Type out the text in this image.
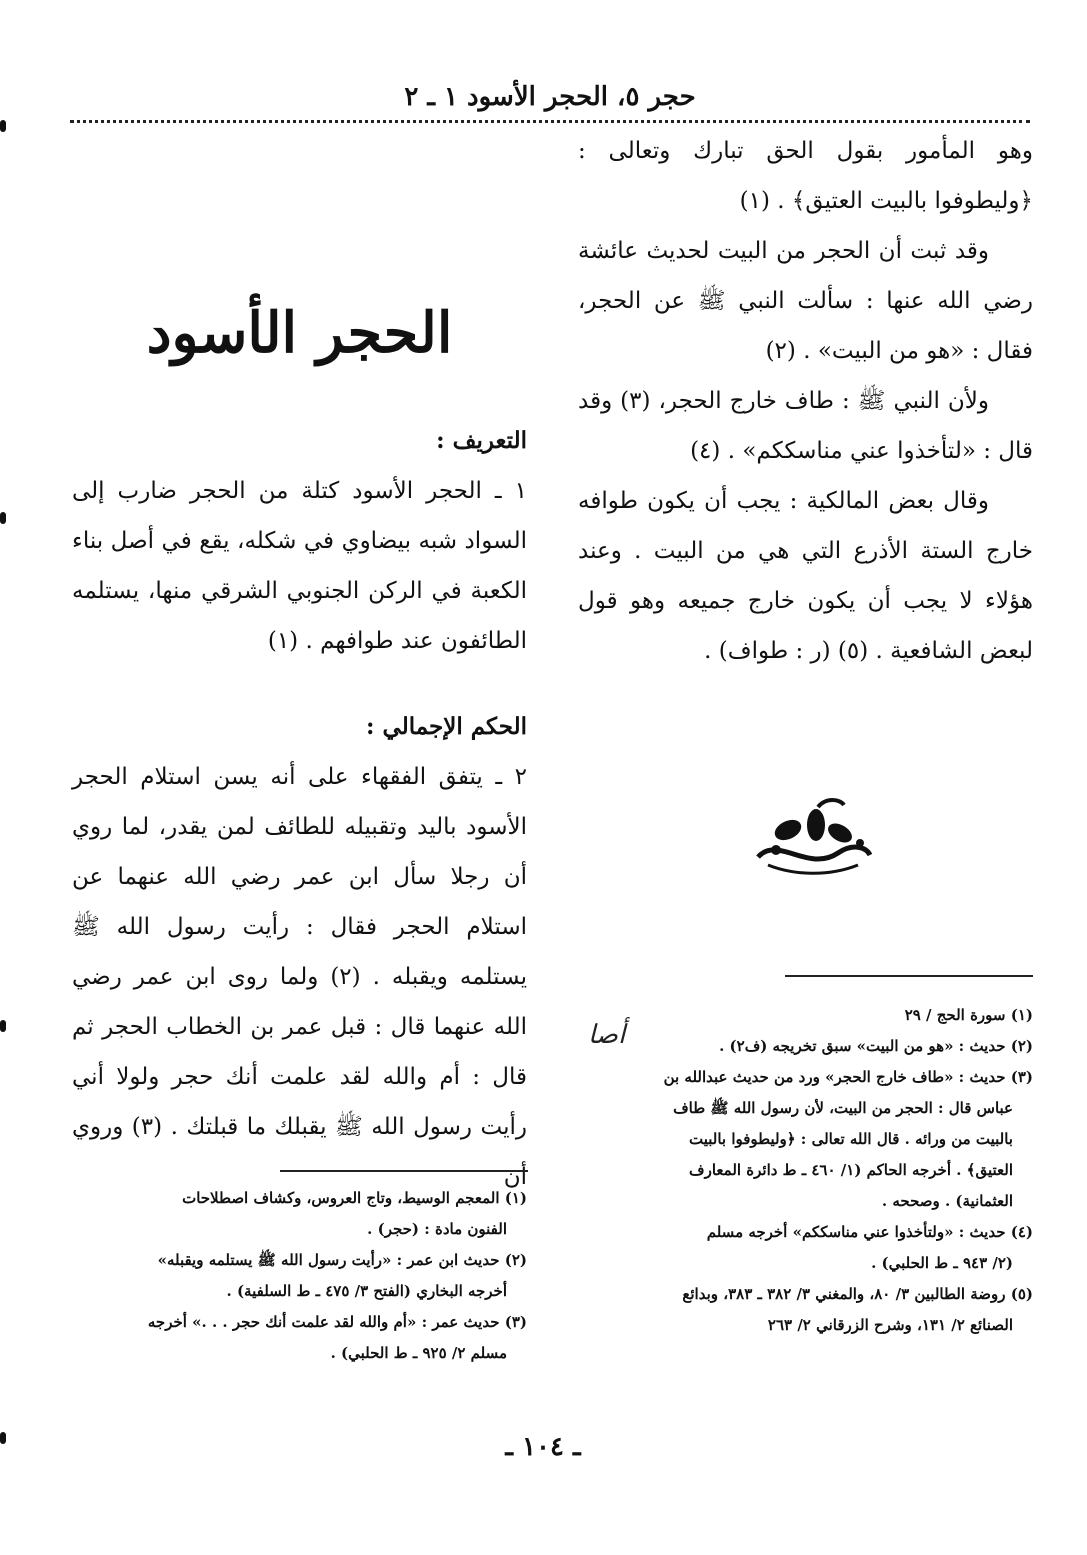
حجر ٥، الحجر الأسود ١ ـ ٢

وهو المأمور بقول الحق تبارك وتعالى : ﴿وليطوفوا بالبيت العتيق﴾ . (١)

وقد ثبت أن الحجر من البيت لحديث عائشة رضي الله عنها : سألت النبي ﷺ عن الحجر، فقال : «هو من البيت» . (٢)

ولأن النبي ﷺ : طاف خارج الحجر، (٣) وقد قال : «لتأخذوا عني مناسككم» . (٤)

وقال بعض المالكية : يجب أن يكون طوافه خارج الستة الأذرع التي هي من البيت . وعند هؤلاء لا يجب أن يكون خارج جميعه وهو قول لبعض الشافعية . (٥) (ر : طواف) .

الحجر الأسود

التعريف :

١ ـ الحجر الأسود كتلة من الحجر ضارب إلى السواد شبه بيضاوي في شكله، يقع في أصل بناء الكعبة في الركن الجنوبي الشرقي منها، يستلمه الطائفون عند طوافهم . (١)

الحكم الإجمالي :

٢ ـ يتفق الفقهاء على أنه يسن استلام الحجر الأسود باليد وتقبيله للطائف لمن يقدر، لما روي أن رجلا سأل ابن عمر رضي الله عنهما عن استلام الحجر فقال : رأيت رسول الله ﷺ يستلمه ويقبله . (٢) ولما روى ابن عمر رضي الله عنهما قال : قبل عمر بن الخطاب الحجر ثم قال : أم والله لقد علمت أنك حجر ولولا أني رأيت رسول الله ﷺ يقبلك ما قبلتك . (٣) وروي أن

(١) سورة الحج / ٢٩

(٢) حديث : «هو من البيت» سبق تخريجه (ف٢) .

(٣) حديث : «طاف خارج الحجر» ورد من حديث عبدالله بن

عباس قال : الحجر من البيت، لأن رسول الله ﷺ طاف

بالبيت من ورائه . قال الله تعالى : ﴿وليطوفوا بالبيت

العتيق﴾ . أخرجه الحاكم (١/ ٤٦٠ ـ ط دائرة المعارف

العثمانية) . وصححه .

(٤) حديث : «ولتأخذوا عني مناسككم» أخرجه مسلم

(٢/ ٩٤٣ ـ ط الحلبي) .

(٥) روضة الطالبين ٣/ ٨٠، والمغني ٣/ ٣٨٢ ـ ٣٨٣، وبدائع

الصنائع ٢/ ١٣١، وشرح الزرقاني ٢/ ٢٦٣

(١) المعجم الوسيط، وتاج العروس، وكشاف اصطلاحات

الفنون مادة : (حجر) .

(٢) حديث ابن عمر : «رأيت رسول الله ﷺ يستلمه ويقبله»

أخرجه البخاري (الفتح ٣/ ٤٧٥ ـ ط السلفية) .

(٣) حديث عمر : «أم والله لقد علمت أنك حجر . . .» أخرجه

مسلم ٢/ ٩٢٥ ـ ط الحلبي) .

أصا
ـ ١٠٤ ـ
